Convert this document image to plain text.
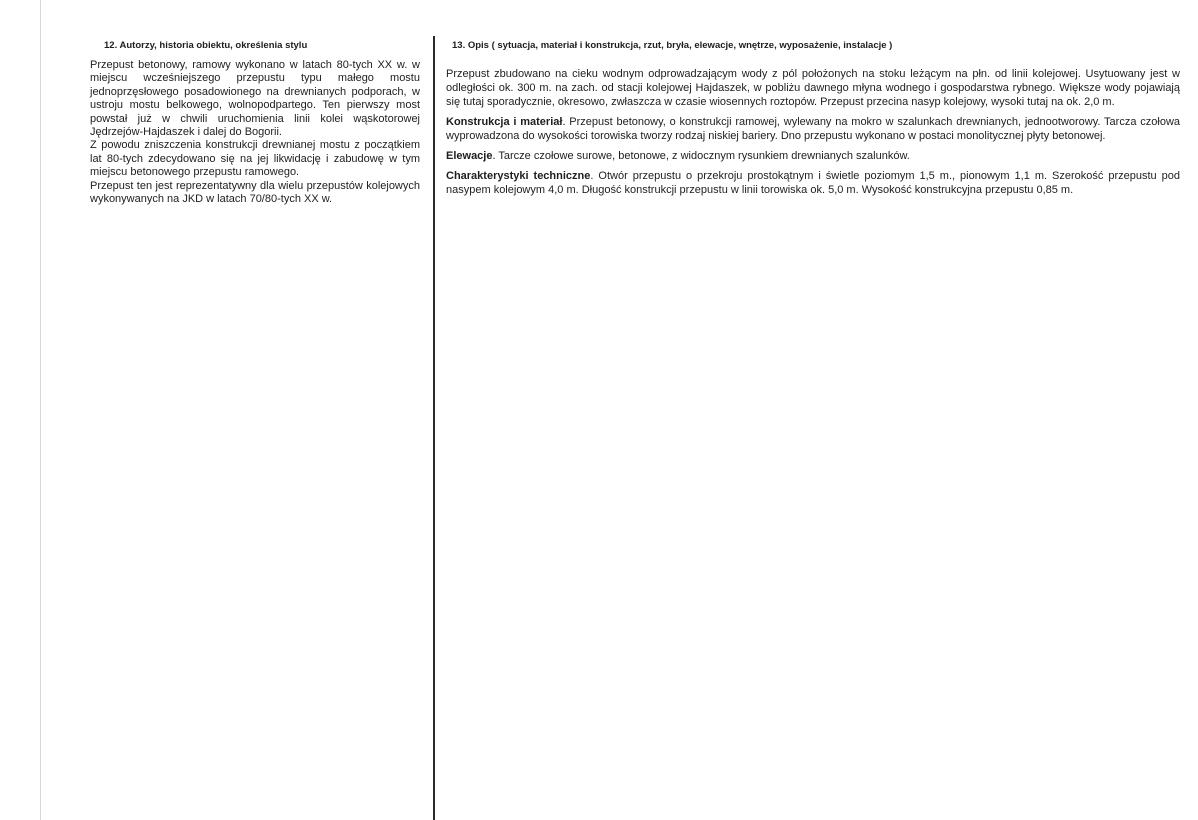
12. Autorzy, historia obiektu, określenia stylu

Przepust betonowy, ramowy wykonano w latach 80-tych XX w. w miejscu wcześniejszego przepustu typu małego mostu jednoprzęsłowego posadowionego na drewnianych podporach, w ustroju mostu belkowego, wolnopodpartego. Ten pierwszy most powstał już w chwili uruchomienia linii kolei wąskotorowej Jędrzejów-Hajdaszek i dalej do Bogorii.

Z powodu zniszczenia konstrukcji drewnianej mostu z początkiem lat 80-tych zdecydowano się na jej likwidację i zabudowę w tym miejscu betonowego przepustu ramowego.

Przepust ten jest reprezentatywny dla wielu przepustów kolejowych wykonywanych na JKD w latach 70/80-tych XX w.

13. Opis ( sytuacja, materiał i konstrukcja, rzut, bryła, elewacje, wnętrze, wyposażenie, instalacje )

Przepust zbudowano na cieku wodnym odprowadzającym wody z pól położonych na stoku leżącym na płn. od linii kolejowej. Usytuowany jest w odległości ok. 300 m. na zach. od stacji kolejowej Hajdaszek, w pobliżu dawnego młyna wodnego i gospodarstwa rybnego. Większe wody pojawiają się tutaj sporadycznie, okresowo, zwłaszcza w czasie wiosennych roztopów. Przepust przecina nasyp kolejowy, wysoki tutaj na ok. 2,0 m.

Konstrukcja i materiał. Przepust betonowy, o konstrukcji ramowej, wylewany na mokro w szalunkach drewnianych, jednootworowy. Tarcza czołowa wyprowadzona do wysokości torowiska tworzy rodzaj niskiej bariery. Dno przepustu wykonano w postaci monolitycznej płyty betonowej.

Elewacje. Tarcze czołowe surowe, betonowe, z widocznym rysunkiem drewnianych szalunków.

Charakterystyki techniczne. Otwór przepustu o przekroju prostokątnym i świetle poziomym 1,5 m., pionowym 1,1 m. Szerokość przepustu pod nasypem kolejowym 4,0 m. Długość konstrukcji przepustu w linii torowiska ok. 5,0 m. Wysokość konstrukcyjna przepustu 0,85 m.
